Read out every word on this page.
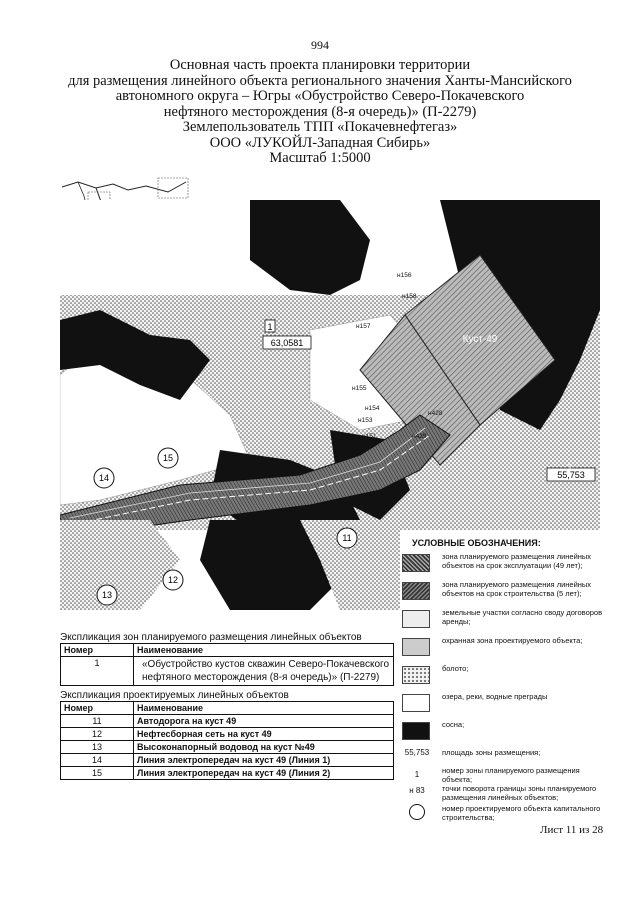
994
Основная часть проекта планировки территории
для размещения линейного объекта регионального значения Ханты-Мансийского
автономного округа – Югры «Обустройство Северо-Покачевского
нефтяного месторождения (8-я очередь)» (П-2279)
Землепользователь ТПП «Покачевнефтегаз»
ООО «ЛУКОЙЛ-Западная Сибирь»
Масштаб 1:5000
1
63,0581	Куст-49
55,753
1
14
15
н156
н158
н157
н155
н154
н153
н151
н150
н428
н429
13
11
12
Экспликация зон планируемого размещения линейных объектов
Номер	Наименование
1	«Обустройство кустов скважин Северо-Покачевского нефтяного месторождения (8-я очередь)» (П-2279)
Экспликация проектируемых линейных объектов
Номер	Наименование
11	Автодорога на куст 49
12	Нефтесборная сеть на куст 49
13	Высоконапорный водовод на куст №49
14	Линия электропередач на куст 49 (Линия 1)
15	Линия электропередач на куст 49 (Линия 2)
УСЛОВНЫЕ ОБОЗНАЧЕНИЯ:
зона планируемого размещения линейных объектов на срок эксплуатации (49 лет);
зона планируемого размещения линейных объектов на срок строительства (5 лет);
земельные участки согласно своду договоров аренды;
охранная зона проектируемого объекта;
болото;
озера, реки, водные преграды
сосна;
55,753	площадь зоны размещения;
1	номер зоны планируемого размещения объекта;
н 83	точки поворота границы зоны планируемого размещения линейных объектов;
номер проектируемого объекта капитального строительства;
Лист 11 из 28
